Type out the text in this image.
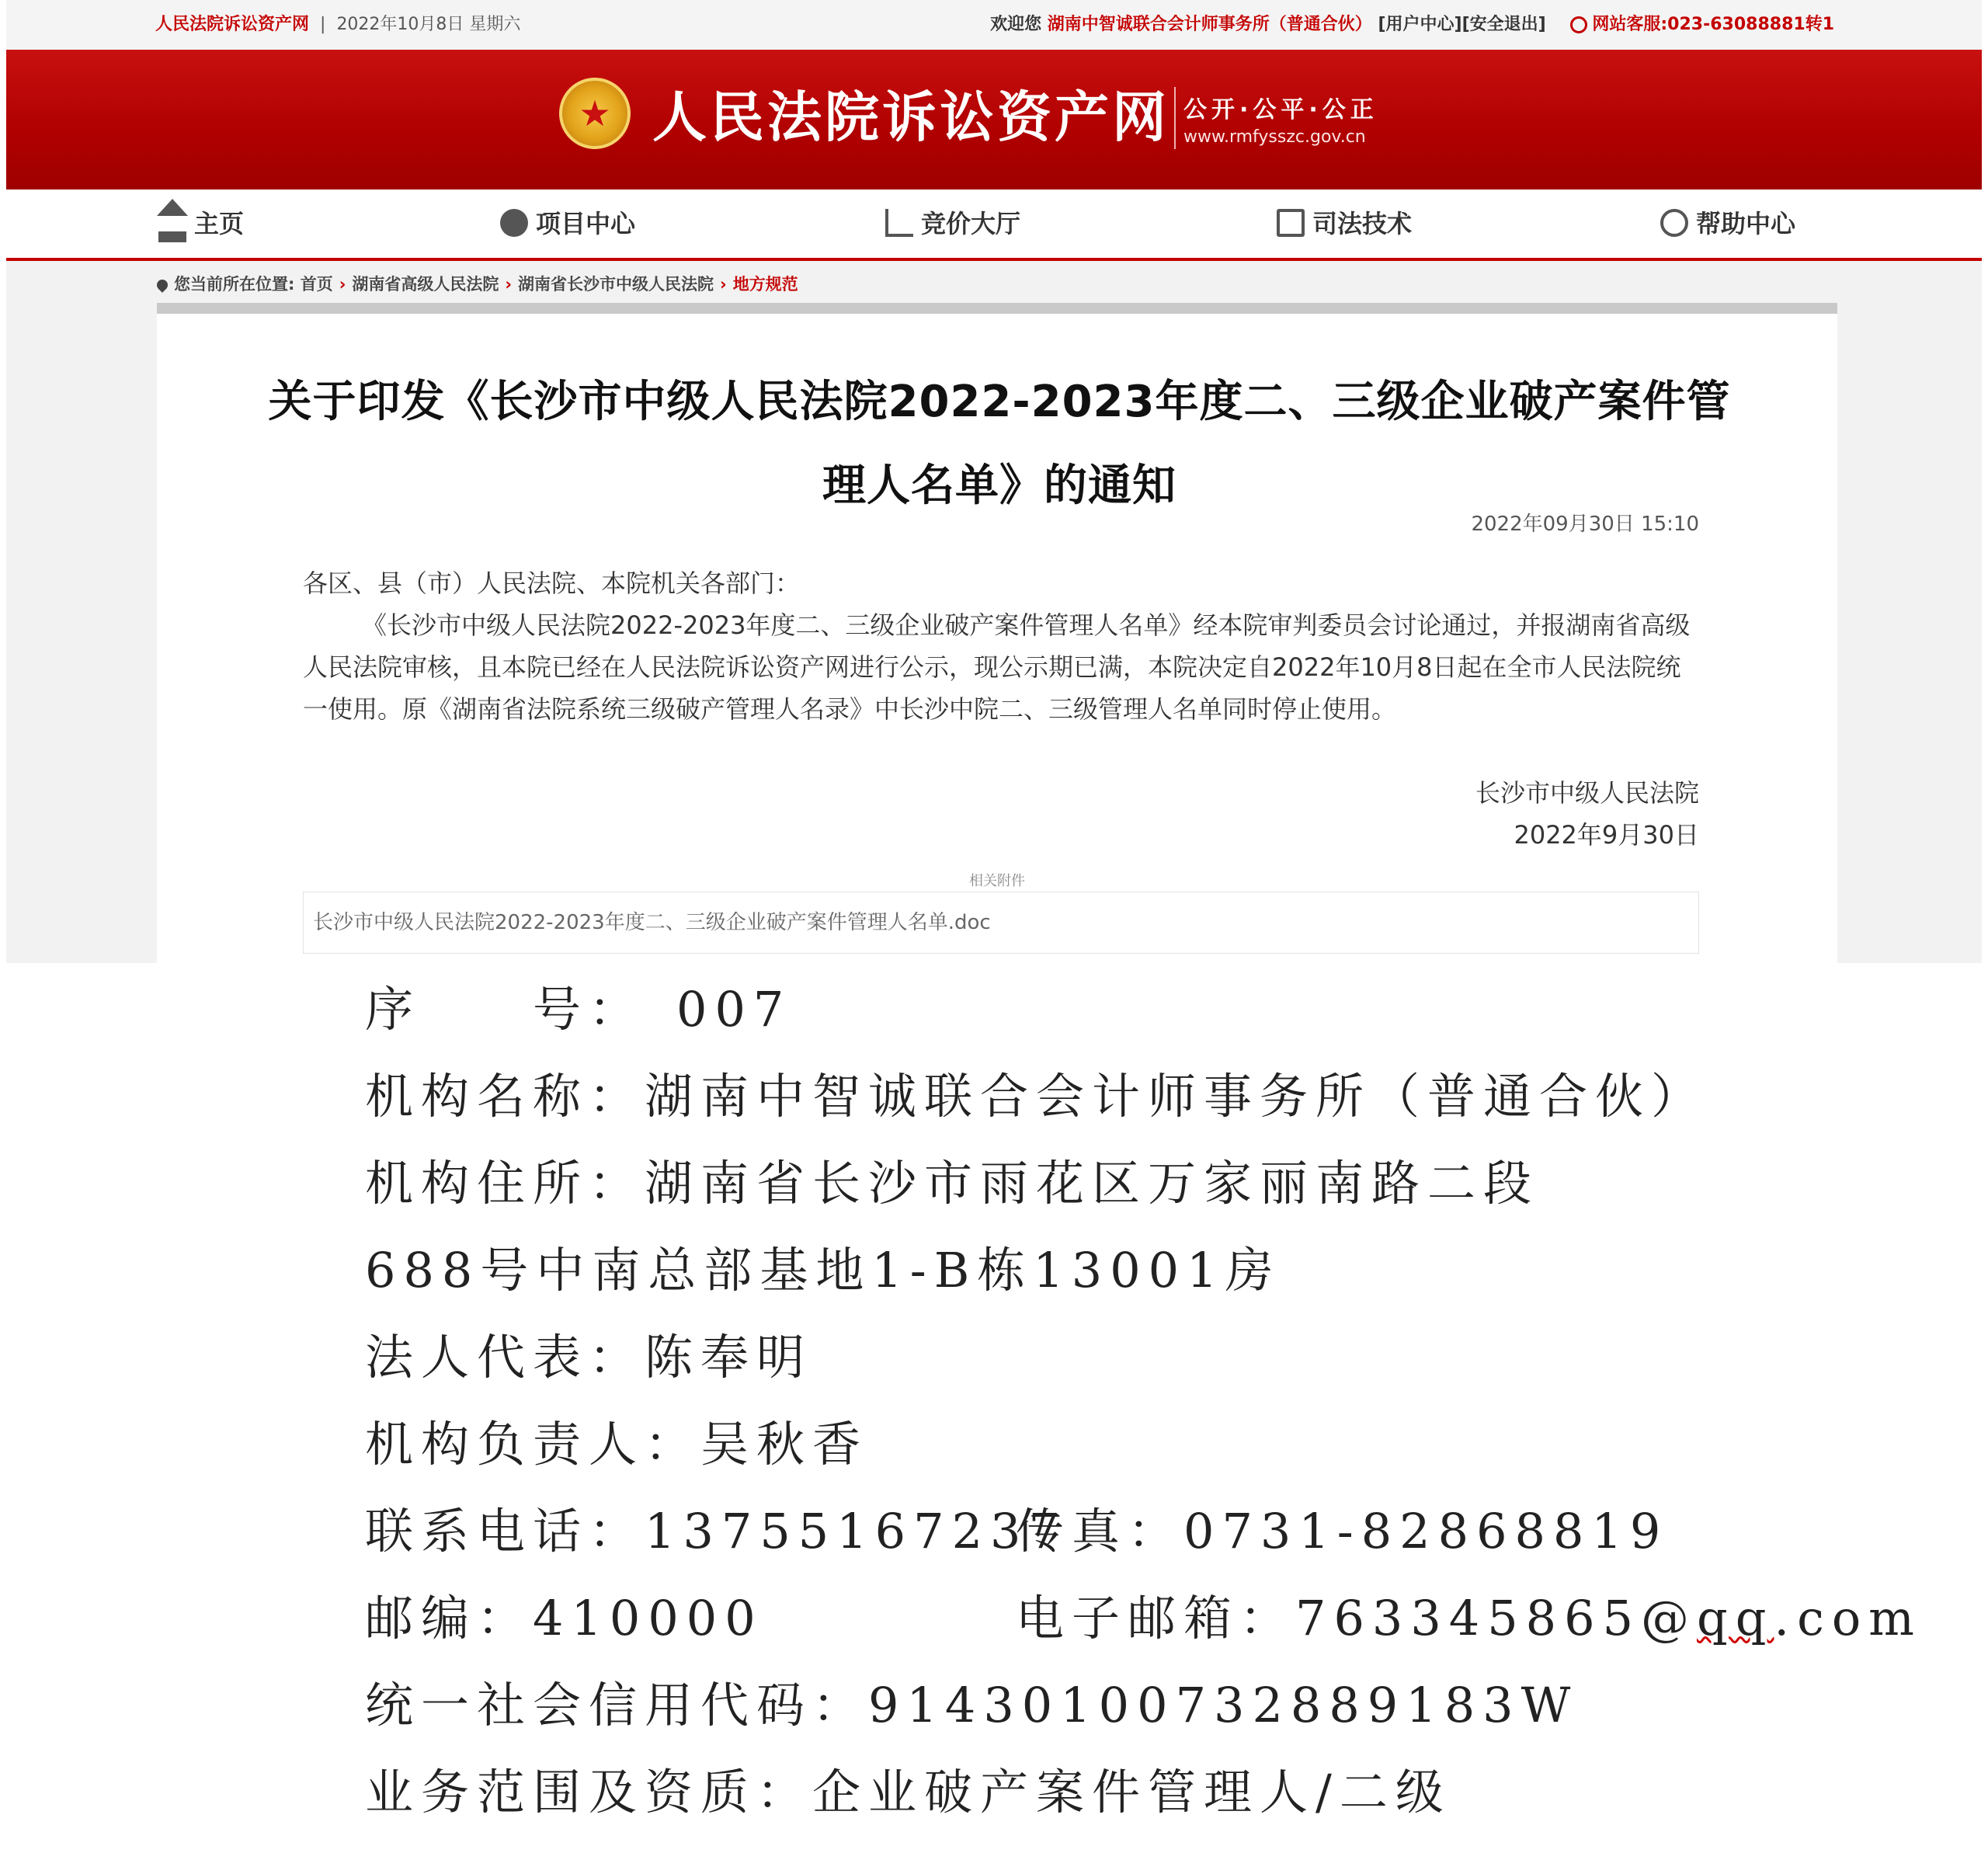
人民法院诉讼资产网 | 2022年10月8日 星期六	欢迎您 湖南中智诚联合会计师事务所（普通合伙） [用户中心][安全退出]	网站客服:023-63088881转1
★
人民法院诉讼资产网 公开·公平·公正
www.rmfysszc.gov.cn
主页	项目中心	竞价大厅	司法技术	帮助中心
您当前所在位置: 首页 › 湖南省高级人民法院 › 湖南省长沙市中级人民法院 › 地方规范
关于印发《长沙市中级人民法院2022-2023年度二、三级企业破产案件管理人名单》的通知
2022年09月30日 15:10

各区、县（市）人民法院、本院机关各部门：

《长沙市中级人民法院2022-2023年度二、三级企业破产案件管理人名单》经本院审判委员会讨论通过，并报湖南省高级人民法院审核，且本院已经在人民法院诉讼资产网进行公示，现公示期已满，本院决定自2022年10月8日起在全市人民法院统一使用。原《湖南省法院系统三级破产管理人名录》中长沙中院二、三级管理人名单同时停止使用。

长沙市中级人民法院
2022年9月30日
相关附件
长沙市中级人民法院2022-2023年度二、三级企业破产案件管理人名单.doc
序　　号：　007
机构名称：湖南中智诚联合会计师事务所（普通合伙）
机构住所：湖南省长沙市雨花区万家丽南路二段
688号中南总部基地1-B栋13001房
法人代表：陈奉明
机构负责人：吴秋香
联系电话：13755167237
传真：0731-82868819
邮编：410000	电子邮箱：763345865@qq.com
统一社会信用代码：91430100732889183W
业务范围及资质：企业破产案件管理人/二级
